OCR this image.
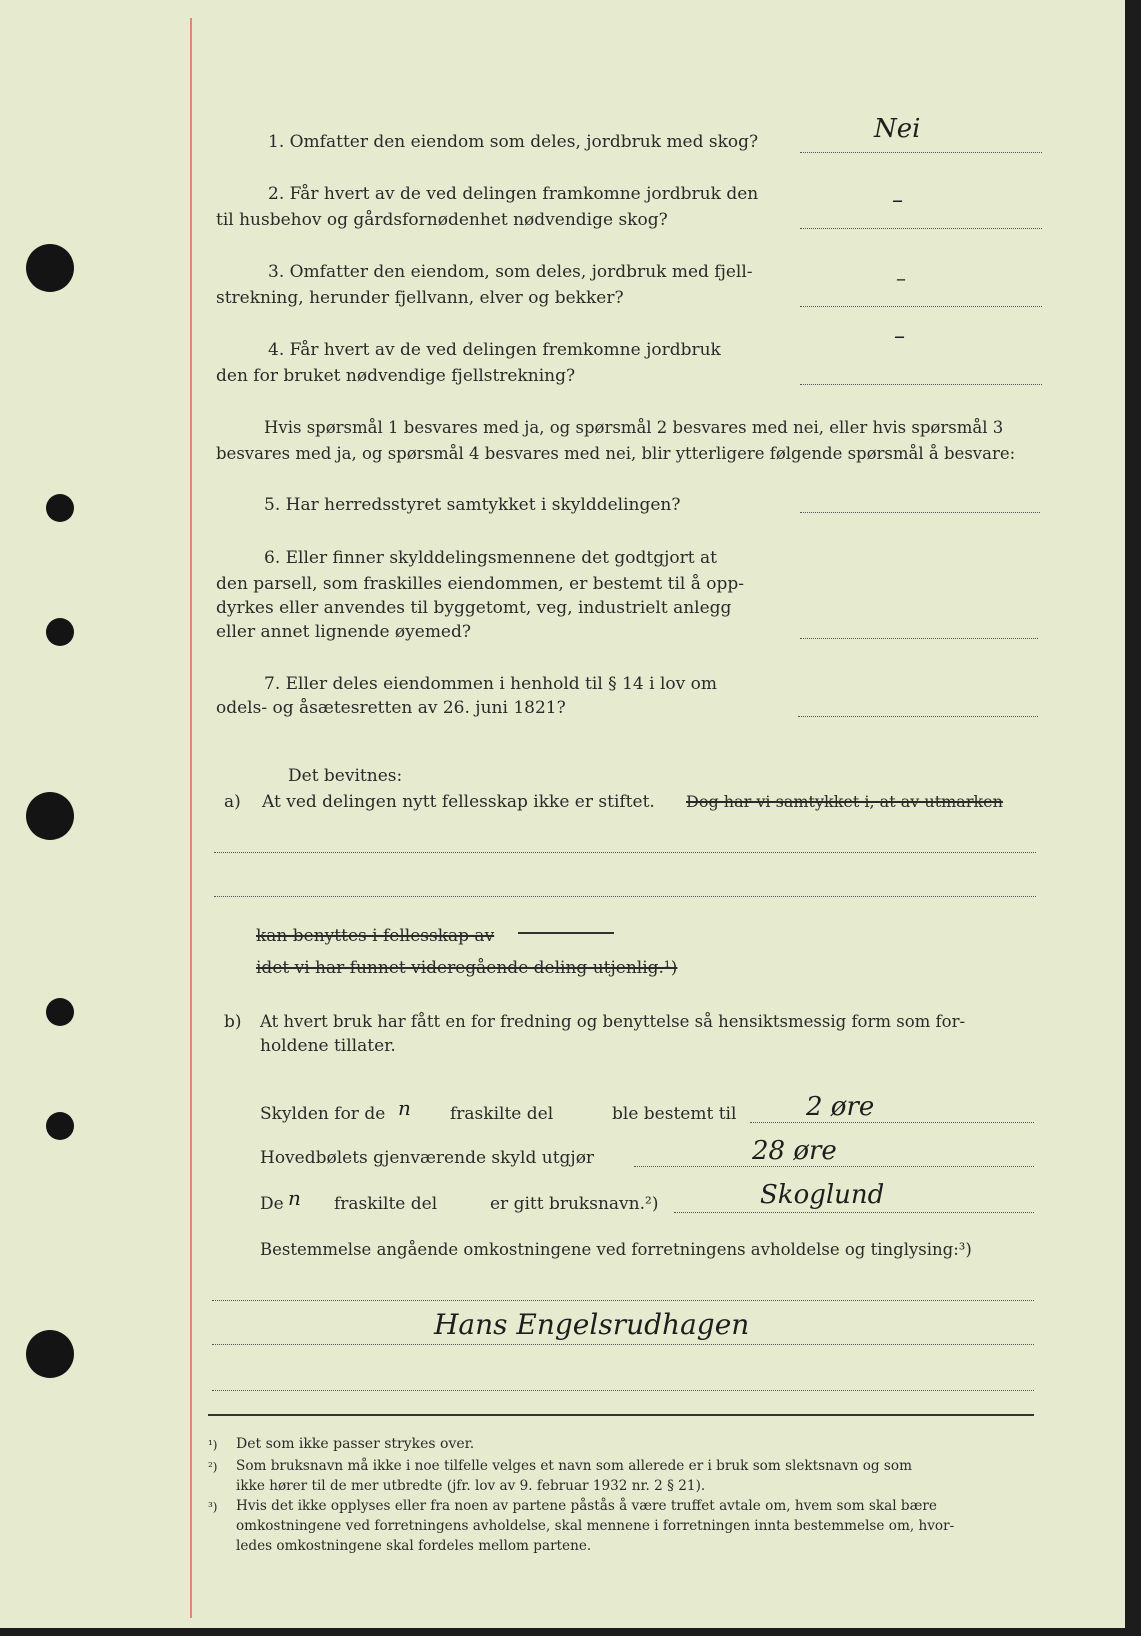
1. Omfatter den eiendom som deles, jordbruk med skog?	Nei
2. Får hvert av de ved delingen framkomne jordbruk den
til husbehov og gårdsfornødenhet nødvendige skog?
–
3. Omfatter den eiendom, som deles, jordbruk med fjell-
strekning, herunder fjellvann, elver og bekker?
–
4. Får hvert av de ved delingen fremkomne jordbruk
den for bruket nødvendige fjellstrekning?
–
Hvis spørsmål 1 besvares med ja, og spørsmål 2 besvares med nei, eller hvis spørsmål 3
besvares med ja, og spørsmål 4 besvares med nei, blir ytterligere følgende spørsmål å besvare:
5. Har herredsstyret samtykket i skylddelingen?
6. Eller finner skylddelingsmennene det godtgjort at
den parsell, som fraskilles eiendommen, er bestemt til å opp-
dyrkes eller anvendes til byggetomt, veg, industrielt anlegg
eller annet lignende øyemed?
7. Eller deles eiendommen i henhold til § 14 i lov om
odels- og åsætesretten av 26. juni 1821?
Det bevitnes:
a) At ved delingen nytt fellesskap ikke er stiftet. Dog har vi samtykket i, at av utmarken
kan benyttes i fellesskap av
idet vi har funnet videregående deling utjenlig.¹)
b) At hvert bruk har fått en for fredning og benyttelse så hensiktsmessig form som for-
holdene tillater.
Skylden for de n fraskilte del	ble bestemt til	2 øre
Hovedbølets gjenværende skyld utgjør	28 øre
De n fraskilte del	er gitt bruksnavn.²)	Skoglund
Bestemmelse angående omkostningene ved forretningens avholdelse og tinglysing:³)
Hans Engelsrudhagen
¹) Det som ikke passer strykes over.
²) Som bruksnavn må ikke i noe tilfelle velges et navn som allerede er i bruk som slektsnavn og som
ikke hører til de mer utbredte (jfr. lov av 9. februar 1932 nr. 2 § 21).
³) Hvis det ikke opplyses eller fra noen av partene påstås å være truffet avtale om, hvem som skal bære
omkostningene ved forretningens avholdelse, skal mennene i forretningen innta bestemmelse om, hvor-
ledes omkostningene skal fordeles mellom partene.
